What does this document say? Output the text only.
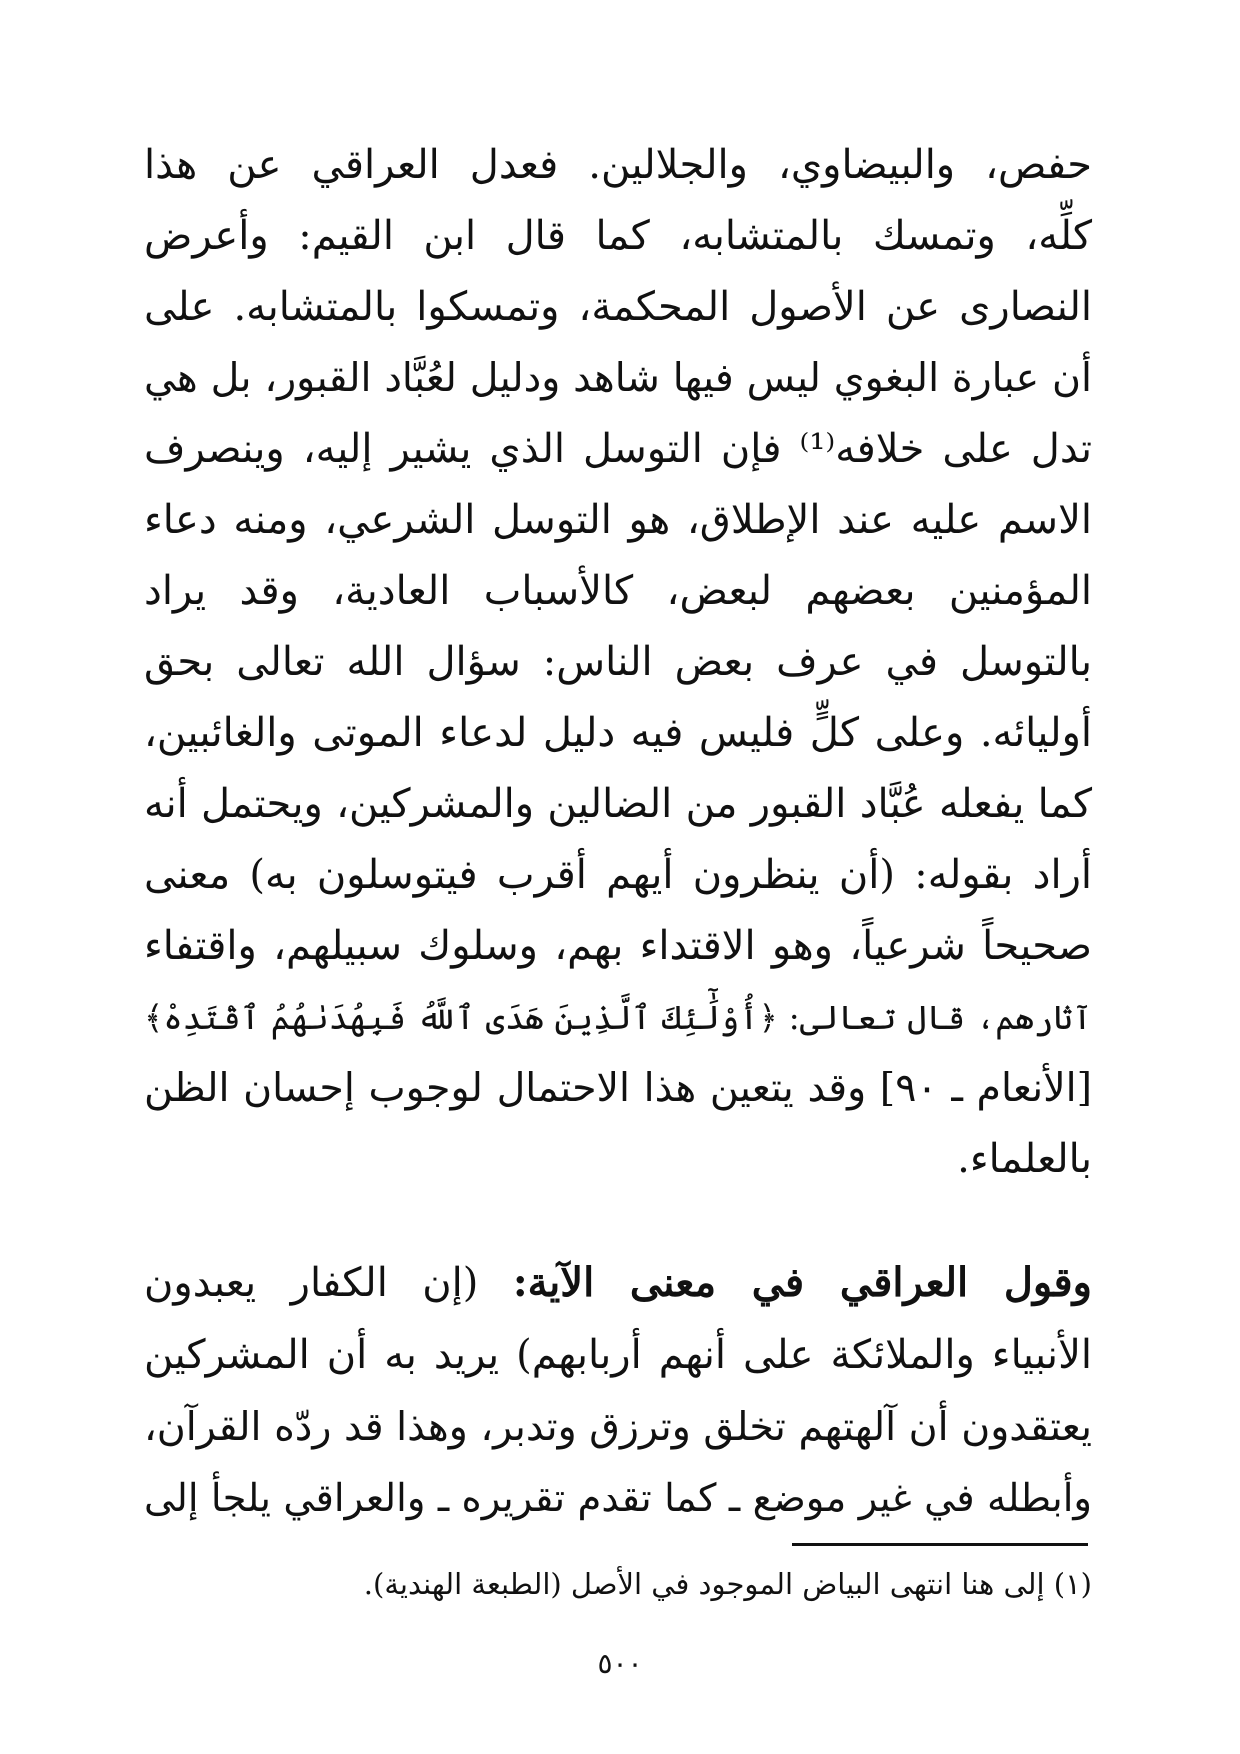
حفص، والبيضاوي، والجلالين. فعدل العراقي عن هذا
كلِّه، وتمسك بالمتشابه، كما قال ابن القيم: وأعرض
النصارى عن الأصول المحكمة، وتمسكوا بالمتشابه. على
أن عبارة البغوي ليس فيها شاهد ودليل لعُبَّاد القبور، بل هي
تدل على خلافه⁽¹⁾ فإن التوسل الذي يشير إليه، وينصرف
الاسم عليه عند الإطلاق، هو التوسل الشرعي، ومنه دعاء
المؤمنين بعضهم لبعض، كالأسباب العادية، وقد يراد
بالتوسل في عرف بعض الناس: سؤال الله تعالى بحق
أوليائه. وعلى كلٍّ فليس فيه دليل لدعاء الموتى والغائبين،
كما يفعله عُبَّاد القبور من الضالين والمشركين، ويحتمل أنه
أراد بقوله: (أن ينظرون أيهم أقرب فيتوسلون به) معنى
صحيحاً شرعياً، وهو الاقتداء بهم، وسلوك سبيلهم، واقتفاء
آثارهم، قال تعالى: ﴿أُوْلَٰٓئِكَ ٱلَّذِينَ هَدَى ٱللَّهُ فَبِهُدَىٰهُمُ ٱقْتَدِهْ﴾
[الأنعام ـ ٩٠] وقد يتعين هذا الاحتمال لوجوب إحسان الظن
بالعلماء.
وقول العراقي في معنى الآية: (إن الكفار يعبدون
الأنبياء والملائكة على أنهم أربابهم) يريد به أن المشركين
يعتقدون أن آلهتهم تخلق وترزق وتدبر، وهذا قد ردّه القرآن،
وأبطله في غير موضع ـ كما تقدم تقريره ـ والعراقي يلجأ إلى
(١) إلى هنا انتهى البياض الموجود في الأصل (الطبعة الهندية).
٥٠٠
